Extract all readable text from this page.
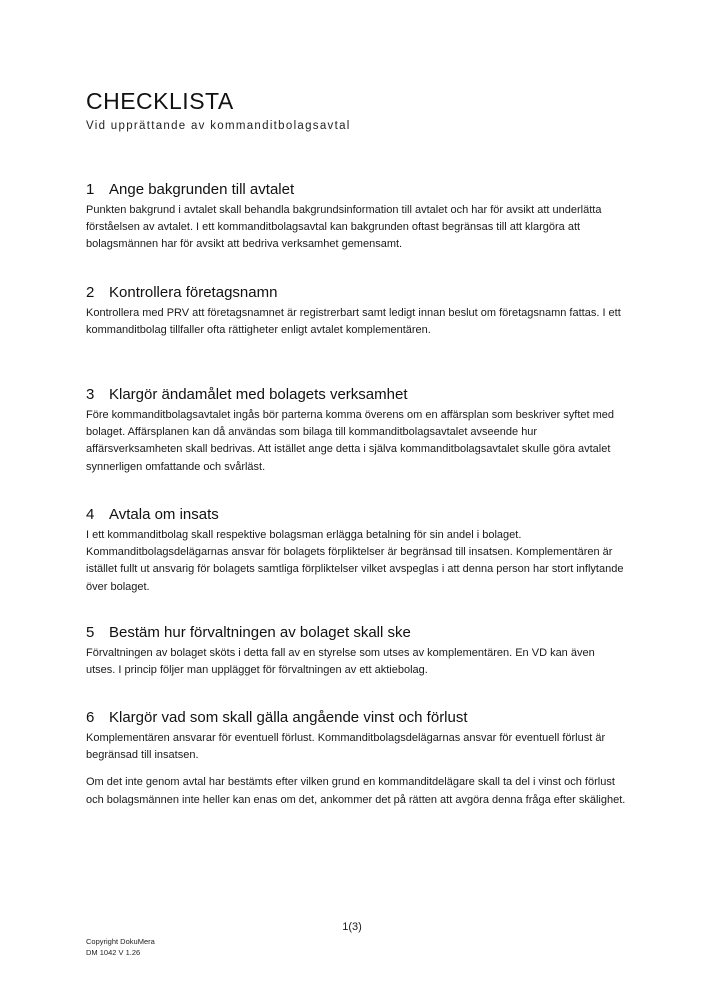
CHECKLISTA

Vid upprättande av kommanditbolagsavtal

1 Ange bakgrunden till avtalet

Punkten bakgrund i avtalet skall behandla bakgrundsinformation till avtalet och har för avsikt att underlätta förståelsen av avtalet. I ett kommanditbolagsavtal kan bakgrunden oftast begränsas till att klargöra att bolagsmännen har för avsikt att bedriva verksamhet gemensamt.

2 Kontrollera företagsnamn

Kontrollera med PRV att företagsnamnet är registrerbart samt ledigt innan beslut om företagsnamn fattas. I ett kommanditbolag tillfaller ofta rättigheter enligt avtalet komplementären.

3 Klargör ändamålet med bolagets verksamhet

Före kommanditbolagsavtalet ingås bör parterna komma överens om en affärsplan som beskriver syftet med bolaget. Affärsplanen kan då användas som bilaga till kommanditbolagsavtalet avseende hur affärsverksamheten skall bedrivas. Att istället ange detta i själva kommanditbolagsavtalet skulle göra avtalet synnerligen omfattande och svårläst.

4 Avtala om insats

I ett kommanditbolag skall respektive bolagsman erlägga betalning för sin andel i bolaget. Kommanditbolagsdelägarnas ansvar för bolagets förpliktelser är begränsad till insatsen. Komplementären är istället fullt ut ansvarig för bolagets samtliga förpliktelser vilket avspeglas i att denna person har stort inflytande över bolaget.

5 Bestäm hur förvaltningen av bolaget skall ske

Förvaltningen av bolaget sköts i detta fall av en styrelse som utses av komplementären. En VD kan även utses. I princip följer man upplägget för förvaltningen av ett aktiebolag.

6 Klargör vad som skall gälla angående vinst och förlust

Komplementären ansvarar för eventuell förlust. Kommanditbolagsdelägarnas ansvar för eventuell förlust är begränsad till insatsen.

Om det inte genom avtal har bestämts efter vilken grund en kommanditdelägare skall ta del i vinst och förlust och bolagsmännen inte heller kan enas om det, ankommer det på rätten att avgöra denna fråga efter skälighet.

1(3)
Copyright DokuMera
DM 1042 V 1.26
